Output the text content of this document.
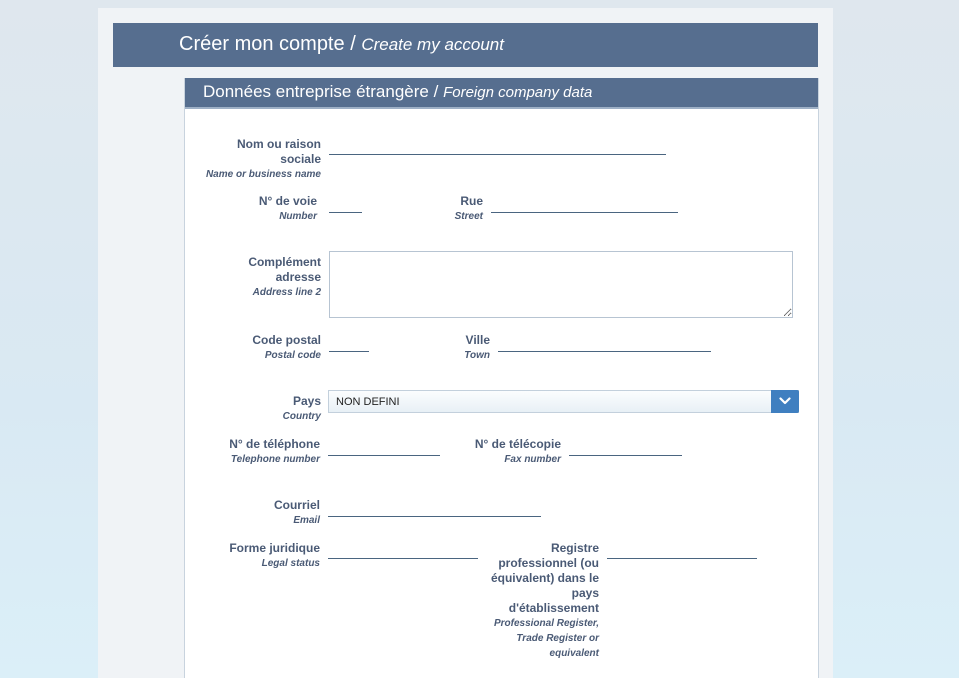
Créer mon compte / Create my account
Données entreprise étrangère / Foreign company data
Nom ou raison
sociale
Name or business name
N° de voie
Number
Rue
Street
Complément
adresse
Address line 2
Code postal
Postal code
Ville
Town
Pays
Country
NON DEFINI
N° de téléphone
Telephone number
N° de télécopie
Fax number
Courriel
Email
Forme juridique
Legal status
Registre
professionnel (ou
équivalent) dans le
pays
d'établissement
Professional Register,
Trade Register or
equivalent
